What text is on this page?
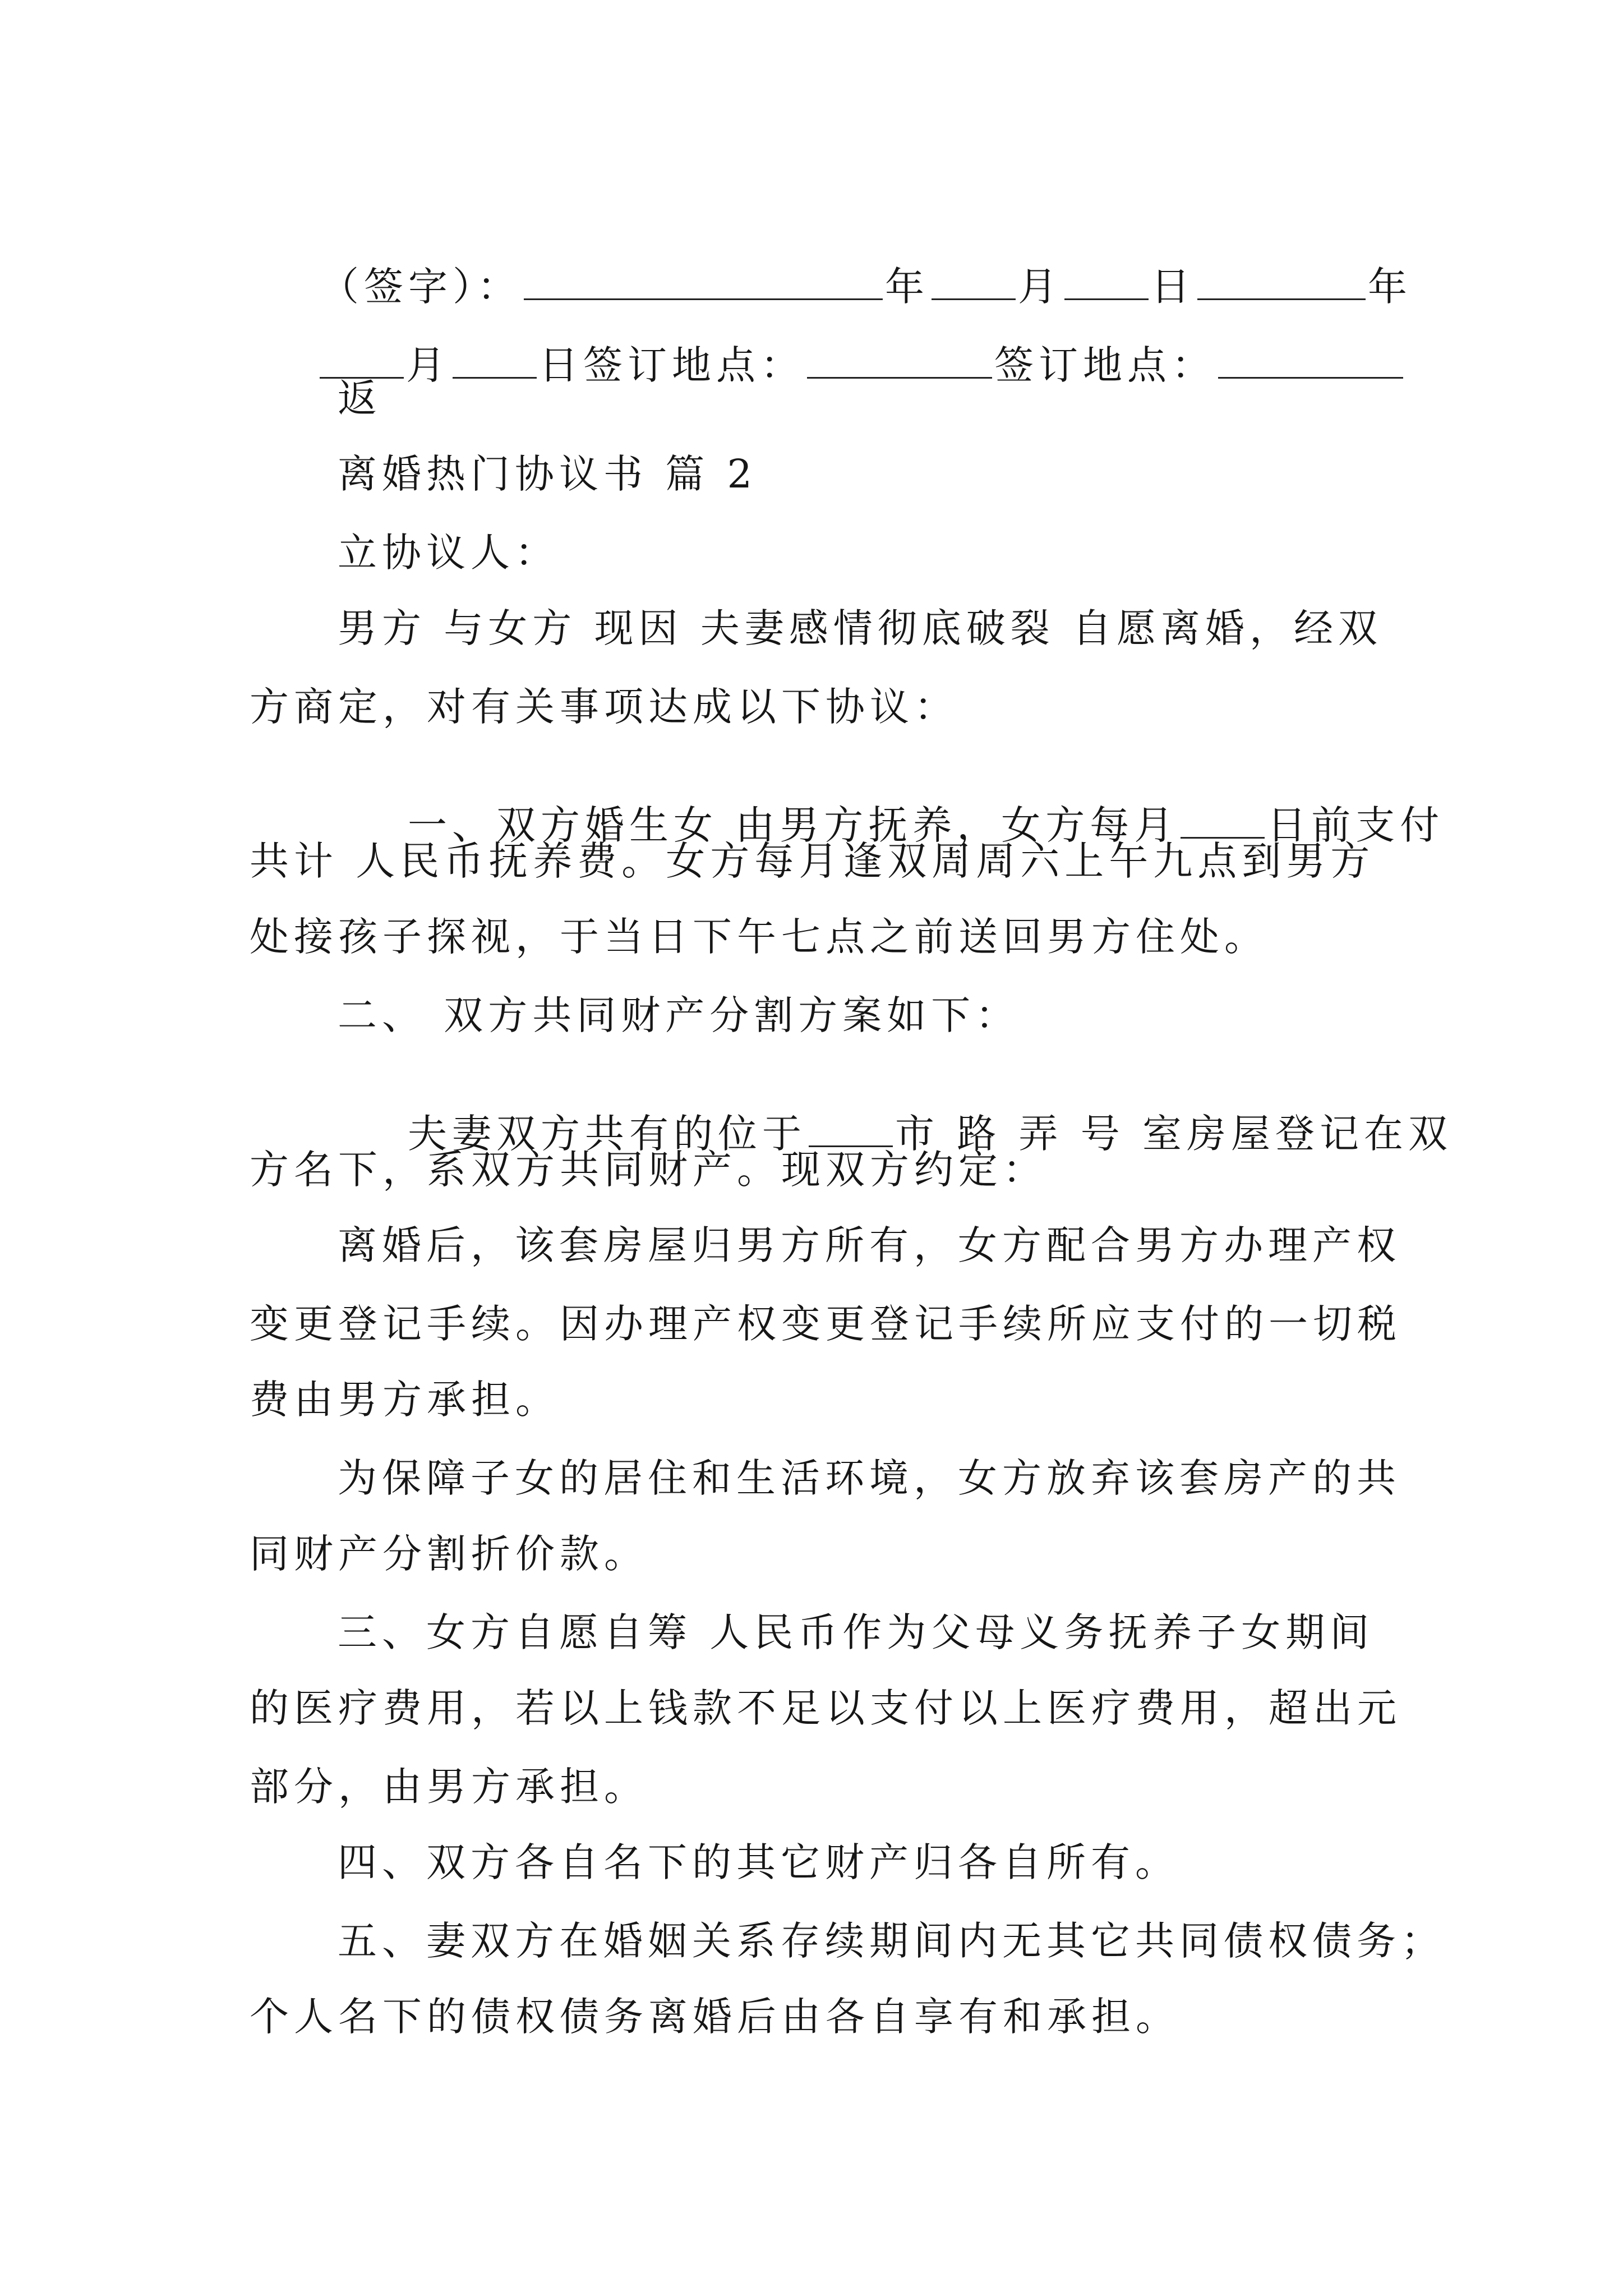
（签字）：	年 月 日	年

月 日签订地点：	签订地点：

返
离婚热门协议书 篇 2
立协议人：
男方 与女方 现因 夫妻感情彻底破裂 自愿离婚，经双
方商定，对有关事项达成以下协议：

一、双方婚生女 由男方抚养，女方每月 日前支付

共计 人民币抚养费。女方每月逢双周周六上午九点到男方
处接孩子探视，于当日下午七点之前送回男方住处。
二、 双方共同财产分割方案如下：

夫妻双方共有的位于 市 路 弄 号 室房屋登记在双

方名下，系双方共同财产。现双方约定：
离婚后，该套房屋归男方所有，女方配合男方办理产权
变更登记手续。因办理产权变更登记手续所应支付的一切税
费由男方承担。
为保障子女的居住和生活环境，女方放弃该套房产的共
同财产分割折价款。
三、女方自愿自筹 人民币作为父母义务抚养子女期间
的医疗费用，若以上钱款不足以支付以上医疗费用，超出元
部分，由男方承担。
四、双方各自名下的其它财产归各自所有。
五、妻双方在婚姻关系存续期间内无其它共同债权债务；
个人名下的债权债务离婚后由各自享有和承担。
